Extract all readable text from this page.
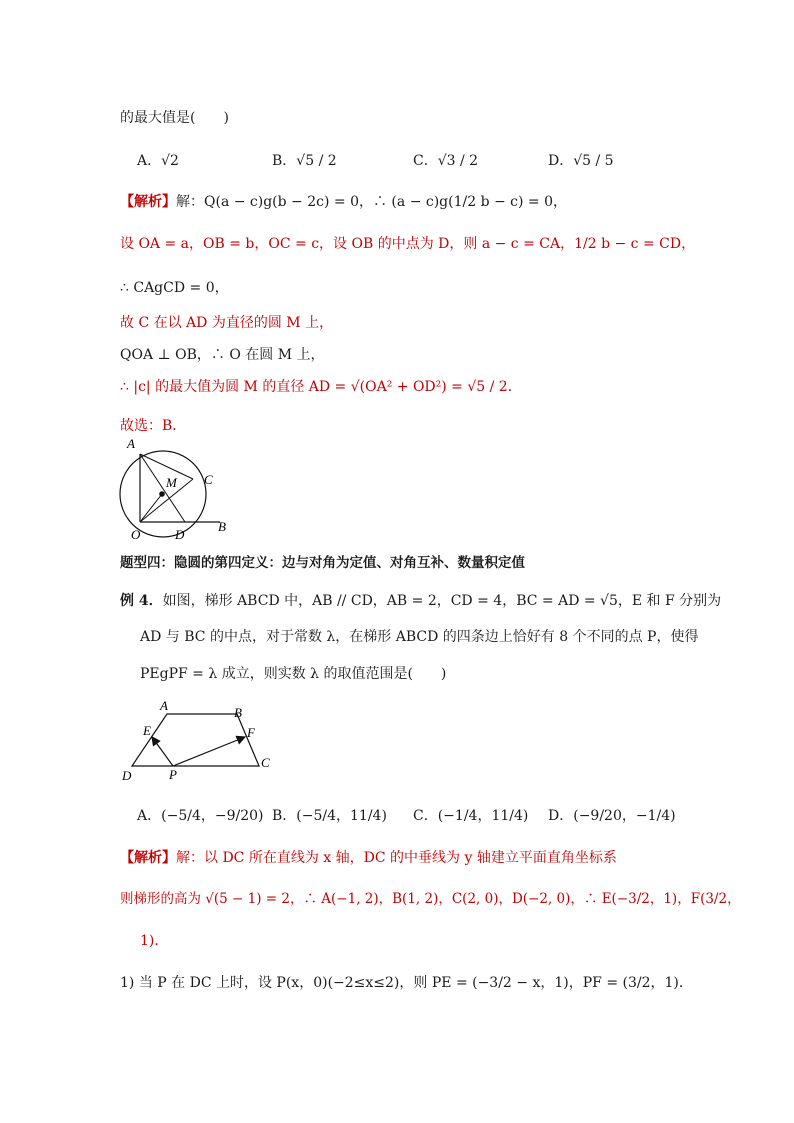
的最大值是(　　)
A．√2	B．√5 / 2	C．√3 / 2	D．√5 / 5
【解析】解：Q(a − c)g(b − 2c) = 0，∴ (a − c)g(1/2 b − c) = 0，
设 OA = a，OB = b，OC = c，设 OB 的中点为 D，则 a − c = CA，1/2 b − c = CD，
∴ CAgCD = 0，
故 C 在以 AD 为直径的圆 M 上，
QOA ⊥ OB，∴ O 在圆 M 上，
∴ |c| 的最大值为圆 M 的直径 AD = √(OA² + OD²) = √5 / 2．
故选：B．
A
M C
O	D
B
题型四：隐圆的第四定义：边与对角为定值、对角互补、数量积定值
例 4．如图，梯形 ABCD 中，AB // CD，AB = 2，CD = 4，BC = AD = √5，E 和 F 分别为
AD 与 BC 的中点，对于常数 λ，在梯形 ABCD 的四条边上恰好有 8 个不同的点 P，使得
PEgPF = λ 成立，则实数 λ 的取值范围是(　　)
A	B
E	F
D	P
C
A．(−5/4，−9/20) B．(−5/4，11/4) C．(−1/4，11/4) D．(−9/20，−1/4)
【解析】解：以 DC 所在直线为 x 轴，DC 的中垂线为 y 轴建立平面直角坐标系
则梯形的高为 √(5 − 1) = 2，∴ A(−1, 2)，B(1, 2)，C(2, 0)，D(−2, 0)，∴ E(−3/2，1)，F(3/2，
1)．
1) 当 P 在 DC 上时，设 P(x，0)(−2≤x≤2)，则 PE = (−3/2 − x，1)，PF = (3/2，1)．
